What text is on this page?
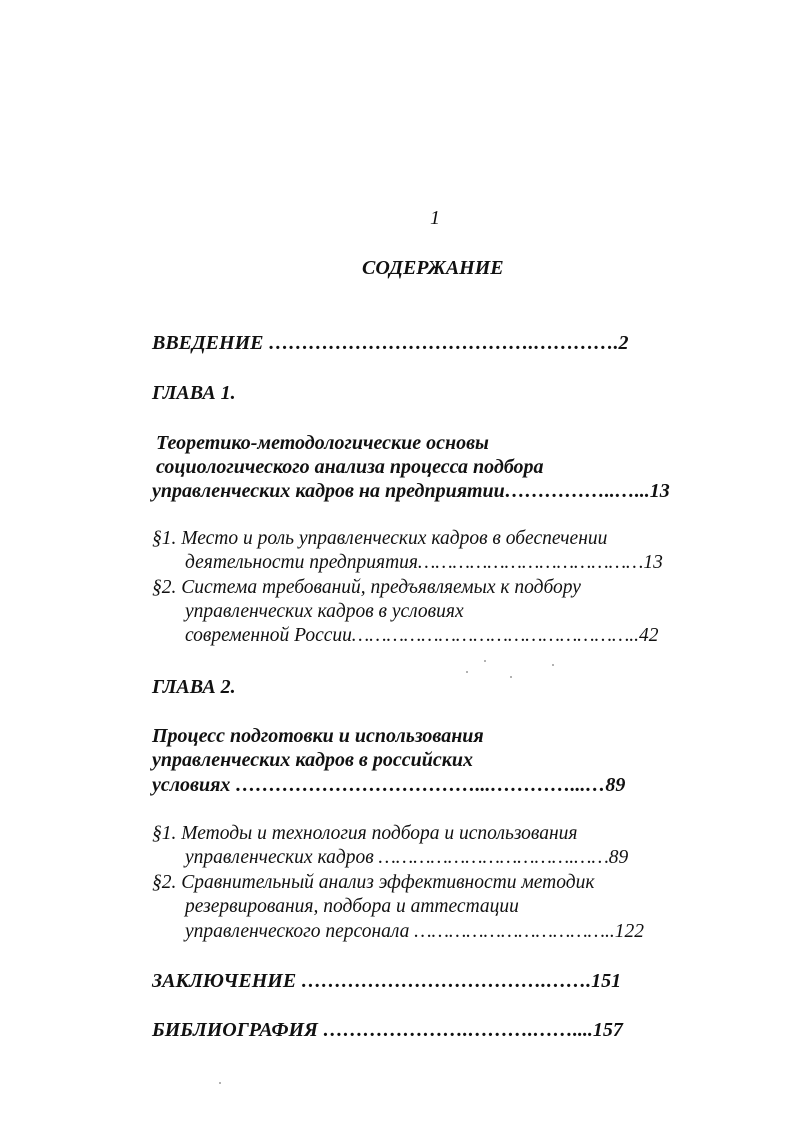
1
СОДЕРЖАНИЕ
ВВЕДЕНИЕ ………………………………….………….2
ГЛАВА 1.
Теоретико-методологические основы
социологического анализа процесса подбора
управленческих кадров на предприятии……………..…...13
§1. Место и роль управленческих кадров в обеспечении
деятельности предприятия…………………………………13
§2. Система требований, предъявляемых к подбору
управленческих кадров в условиях
современной России…………………………………………..42
ГЛАВА 2.
Процесс подготовки и использования
управленческих кадров в российских
условиях ………………………………...…………...…89
§1. Методы и технология подбора и использования
управленческих кадров …………………………….……89
§2. Сравнительный анализ эффективности методик
резервирования, подбора и аттестации
управленческого персонала ……………………………..122
ЗАКЛЮЧЕНИЕ ……………………………….…….151
БИБЛИОГРАФИЯ ………………….……….……....157
